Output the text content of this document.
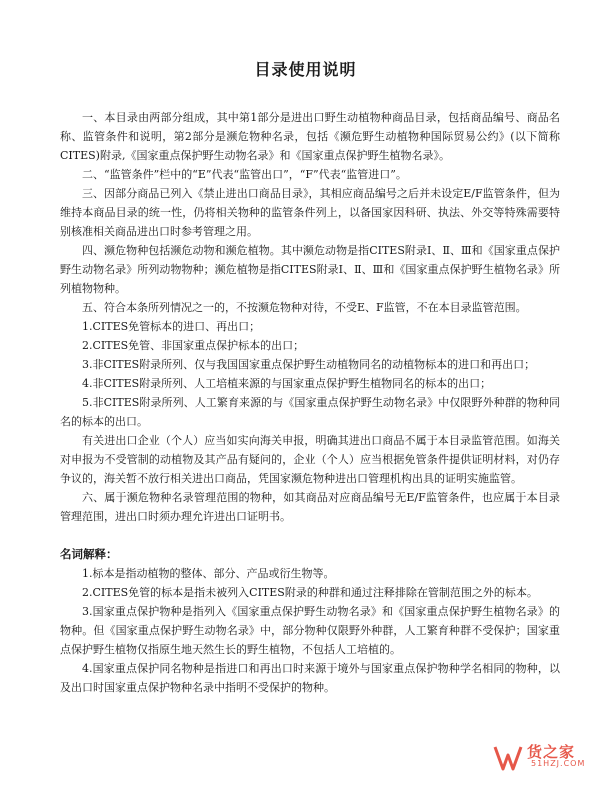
目录使用说明

一、本目录由两部分组成，其中第1部分是进出口野生动植物种商品目录，包括商品编号、商品名称、监管条件和说明，第2部分是濒危物种名录，包括《濒危野生动植物种国际贸易公约》(以下简称CITES)附录,《国家重点保护野生动物名录》和《国家重点保护野生植物名录》。

二、“监管条件”栏中的“E”代表“监管出口”，“F”代表“监管进口”。

三、因部分商品已列入《禁止进出口商品目录》，其相应商品编号之后并未设定E/F监管条件，但为维持本商品目录的统一性，仍将相关物种的监管条件列上，以备国家因科研、执法、外交等特殊需要特别核准相关商品进出口时参考管理之用。

四、濒危物种包括濒危动物和濒危植物。其中濒危动物是指CITES附录Ⅰ、Ⅱ、Ⅲ和《国家重点保护野生动物名录》所列动物物种；濒危植物是指CITES附录Ⅰ、Ⅱ、Ⅲ和《国家重点保护野生植物名录》所列植物物种。

五、符合本条所列情况之一的，不按濒危物种对待，不受E、F监管，不在本目录监管范围。

1.CITES免管标本的进口、再出口；

2.CITES免管、非国家重点保护标本的出口；

3.非CITES附录所列、仅与我国国家重点保护野生动植物同名的动植物标本的进口和再出口；

4.非CITES附录所列、人工培植来源的与国家重点保护野生植物同名的标本的出口；

5.非CITES附录所列、人工繁育来源的与《国家重点保护野生动物名录》中仅限野外种群的物种同名的标本的出口。

有关进出口企业（个人）应当如实向海关申报，明确其进出口商品不属于本目录监管范围。如海关对申报为不受管制的动植物及其产品有疑问的，企业（个人）应当根据免管条件提供证明材料，对仍存争议的，海关暂不放行相关进出口商品，凭国家濒危物种进出口管理机构出具的证明实施监管。

六、属于濒危物种名录管理范围的物种，如其商品对应商品编号无E/F监管条件，也应属于本目录管理范围，进出口时须办理允许进出口证明书。

名词解释：

1.标本是指动植物的整体、部分、产品或衍生物等。

2.CITES免管的标本是指未被列入CITES附录的种群和通过注释排除在管制范围之外的标本。

3.国家重点保护物种是指列入《国家重点保护野生动物名录》和《国家重点保护野生植物名录》的物种。但《国家重点保护野生动物名录》中，部分物种仅限野外种群，人工繁育种群不受保护；国家重点保护野生植物仅指原生地天然生长的野生植物，不包括人工培植的。

4.国家重点保护同名物种是指进口和再出口时来源于境外与国家重点保护物种学名相同的物种，以及出口时国家重点保护物种名录中指明不受保护的物种。

货之家
51HZJ.COM
